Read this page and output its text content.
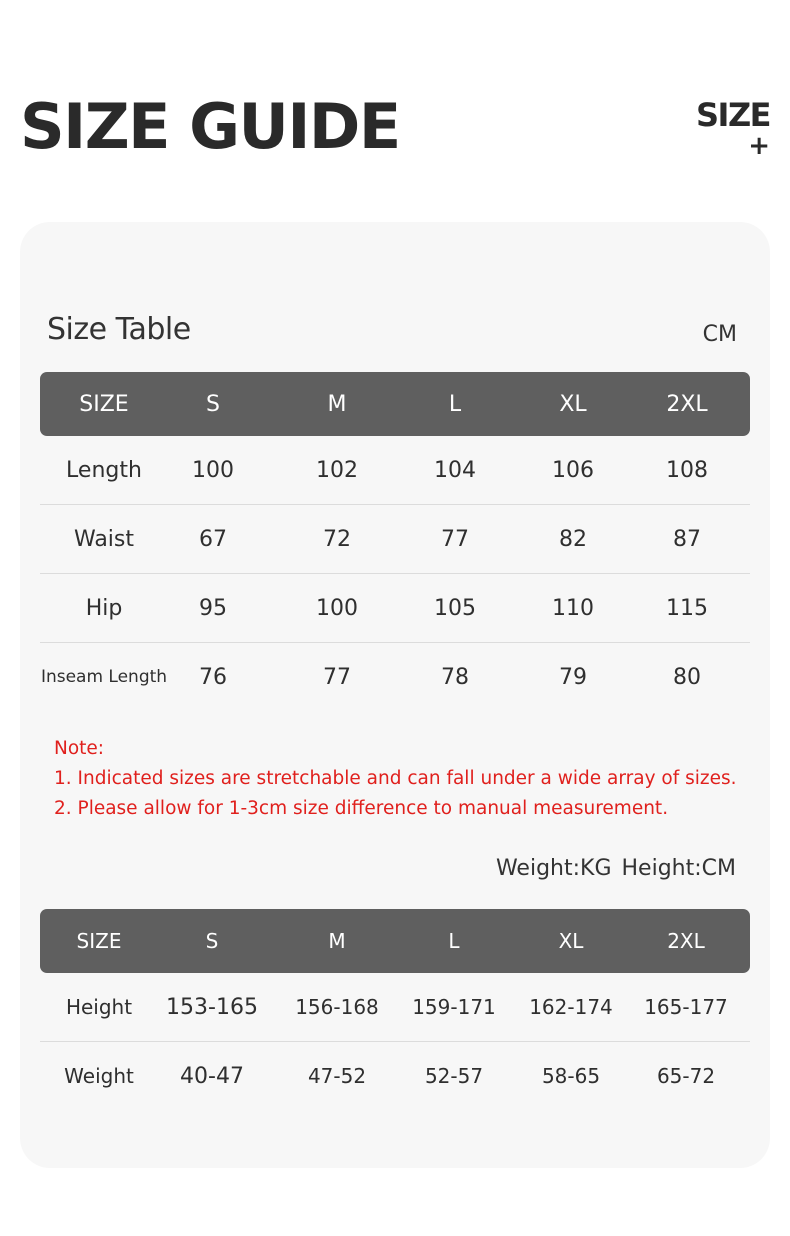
SIZE GUIDE	SIZE
+
Size Table	CM
SIZE	S	M	L	XL	2XL
Length 100	102	104	106	108
Waist	67	72	77	82	87
Hip	95	100	105	110	115
Inseam Length 76	77	78	79	80
Note:
1. Indicated sizes are stretchable and can fall under a wide array of sizes.
2. Please allow for 1-3cm size difference to manual measurement.
Weight:KG Height:CM
SIZE	S	M	L	XL	2XL
Height 153-165 156-168 159-171 162-174 165-177
Weight 40-47	47-52	52-57	58-65	65-72
